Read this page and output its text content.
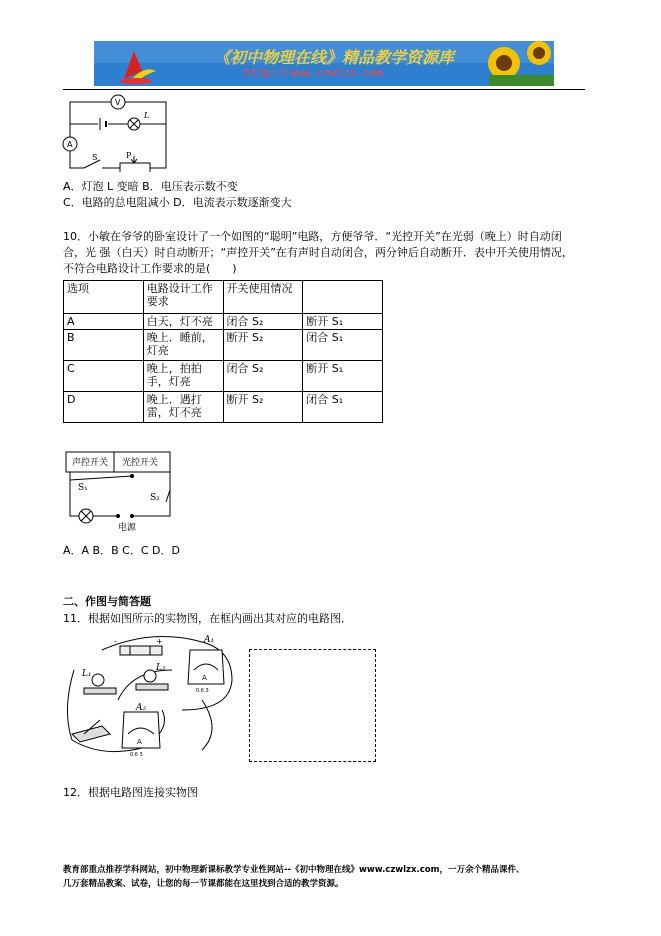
《初中物理在线》精品教学资源库
http://www.czwlzx.com
V
A
L
S	P
A．灯泡 L 变暗 B．电压表示数不变
C．电路的总电阻减小 D．电流表示数逐渐变大
10．小敏在爷爷的卧室设计了一个如图的“聪明”电路，方便爷爷．“光控开关”在光弱（晚上）时自动闭合，光 强（白天）时自动断开；“声控开关”在有声时自动闭合，两分钟后自动断开．表中开关使用情况，不符合电路设计工作要求的是(　　)
选项	电路设计工作要求	开关使用情况	
A	白天，灯不亮	闭合 S₂	断开 S₁
B	晚上．睡前，灯亮	断开 S₂	闭合 S₁
C	晚上，拍拍手，灯亮	闭合 S₂	断开 S₁
D	晚上．遇打雷，灯不亮	断开 S₂	闭合 S₁
声控开关 光控开关
S₁
S₂
电源
A．A B．B C．C D．D
二、作图与简答题
11．根据如图所示的实物图，在框内画出其对应的电路图．
-	+	A₁
L₁
L₂
A₂
A
A
0.6 3
0.6 3
12．根据电路图连接实物图
教育部重点推荐学科网站，初中物理新课标教学专业性网站--《初中物理在线》www.czwlzx.com，一万余个精品课件、
几万套精品教案、试卷，让您的每一节课都能在这里找到合适的教学资源。
